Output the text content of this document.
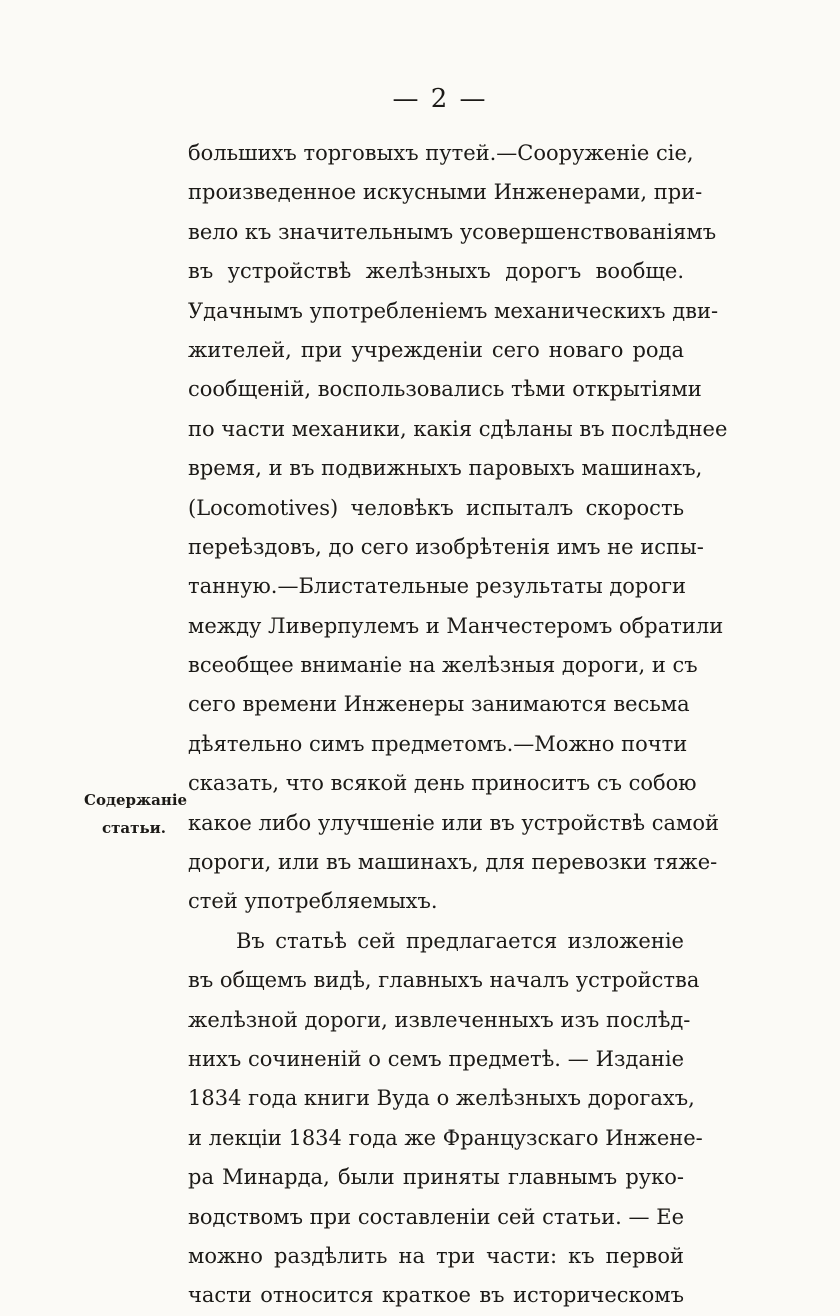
— 2 —
Содержаніе
статьи.
большихъ торговыхъ путей.—Сооруженіе сіе,
произведенное искусными Инженерами, при-
вело къ значительнымъ усовершенствованіямъ
въ устройствѣ желѣзныхъ дорогъ вообще.
Удачнымъ употребленіемъ механическихъ дви-
жителей, при учрежденіи сего новаго рода
сообщеній, воспользовались тѣми открытіями
по части механики, какія сдѣланы въ послѣднее
время, и въ подвижныхъ паровыхъ машинахъ,
(Locomotives) человѣкъ испыталъ скорость
переѣздовъ, до сего изобрѣтенія имъ не испы-
танную.—Блистательные результаты дороги
между Ливерпулемъ и Манчестеромъ обратили
всеобщее вниманіе на желѣзныя дороги, и съ
сего времени Инженеры занимаются весьма
дѣятельно симъ предметомъ.—Можно почти
сказать, что всякой день приноситъ съ собою
какое либо улучшеніе или въ устройствѣ самой
дороги, или въ машинахъ, для перевозки тяже-
стей употребляемыхъ.
Въ статьѣ сей предлагается изложеніе
въ общемъ видѣ, главныхъ началъ устройства
желѣзной дороги, извлеченныхъ изъ послѣд-
нихъ сочиненій о семъ предметѣ. — Изданіе
1834 года книги Вуда о желѣзныхъ дорогахъ,
и лекціи 1834 года же Французскаго Инжене-
ра Минарда, были приняты главнымъ руко-
водствомъ при составленіи сей статьи. — Ее
можно раздѣлить на три части: къ первой
части относится краткое въ историческомъ
